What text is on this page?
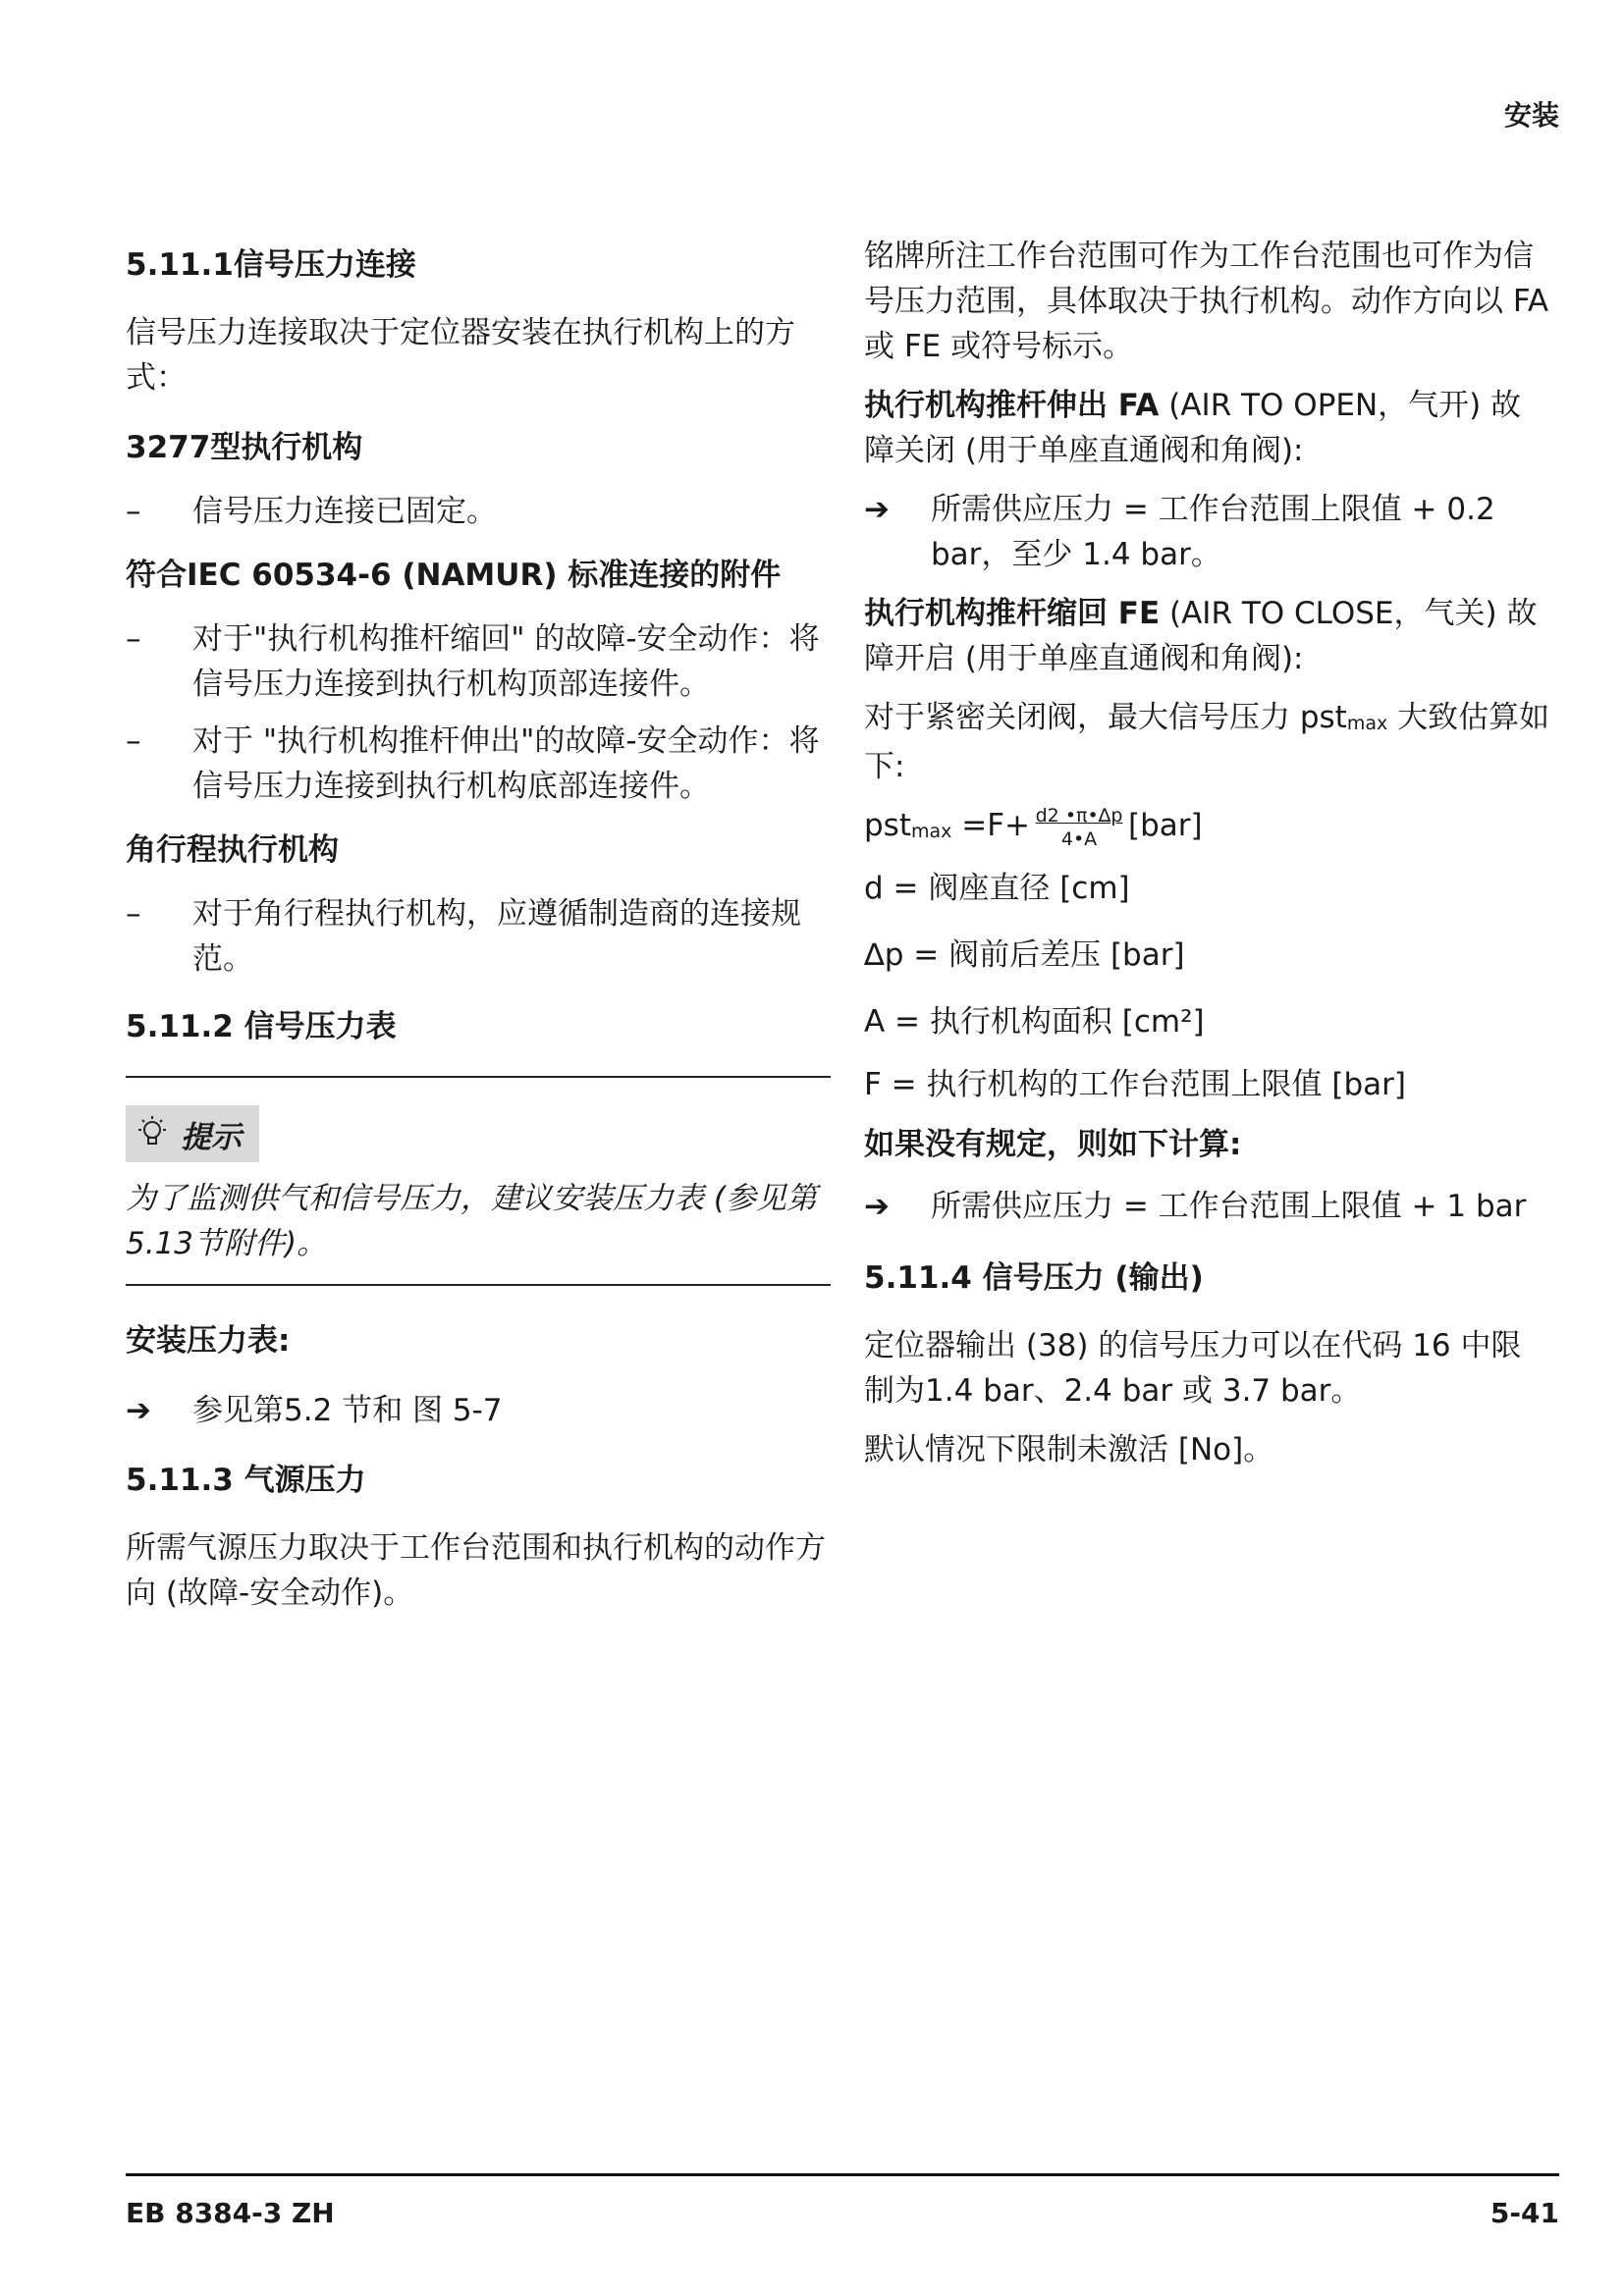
安装
5.11.1信号压力连接
信号压力连接取决于定位器安装在执行机构上的方式：
3277型执行机构
–	信号压力连接已固定。
符合IEC 60534-6 (NAMUR) 标准连接的附件
–	对于"执行机构推杆缩回" 的故障-安全动作：将信号压力连接到执行机构顶部连接件。
–	对于 "执行机构推杆伸出"的故障-安全动作：将信号压力连接到执行机构底部连接件。
角行程执行机构
–	对于角行程执行机构，应遵循制造商的连接规范。
5.11.2 信号压力表
提示
为了监测供气和信号压力，建议安装压力表 (参见第5.13节附件)。
安装压力表:
➔ 参见第5.2 节和 图 5-7
5.11.3 气源压力
所需气源压力取决于工作台范围和执行机构的动作方向 (故障-安全动作)。
铭牌所注工作台范围可作为工作台范围也可作为信号压力范围，具体取决于执行机构。动作方向以 FA 或 FE 或符号标示。
执行机构推杆伸出 FA (AIR TO OPEN，气开) 故障关闭 (用于单座直通阀和角阀):
➔ 所需供应压力 = 工作台范围上限值 + 0.2 bar，至少 1.4 bar。
执行机构推杆缩回 FE (AIR TO CLOSE，气关) 故障开启 (用于单座直通阀和角阀):
对于紧密关闭阀，最大信号压力 pst$_{max}$ 大致估算如下:
$pst_{max} =F+ \frac{d2 •\pi•\Delta p}{4•A} [bar]$
d = 阀座直径 [cm]
∆p = 阀前后差压 [bar]
A = 执行机构面积 [cm²]
F = 执行机构的工作台范围上限值 [bar]
如果没有规定，则如下计算:
➔ 所需供应压力 = 工作台范围上限值 + 1 bar
5.11.4 信号压力 (输出)
定位器输出 (38) 的信号压力可以在代码 16 中限制为1.4 bar、2.4 bar 或 3.7 bar。
默认情况下限制未激活 [No]。
EB 8384-3 ZH	5-41
